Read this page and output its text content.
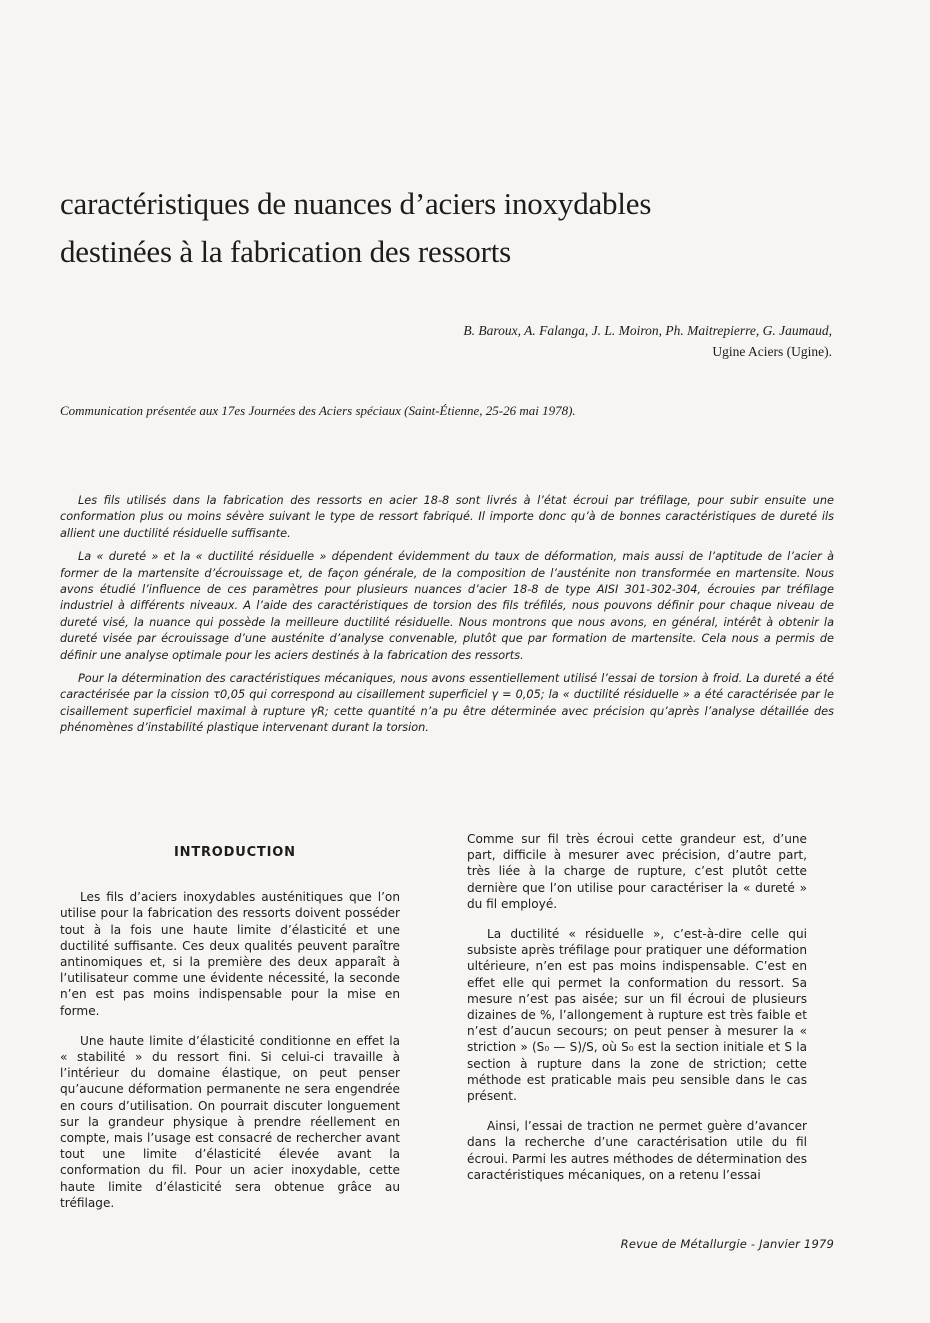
caractéristiques de nuances d’aciers inoxydables
destinées à la fabrication des ressorts
B. Baroux, A. Falanga, J. L. Moiron, Ph. Maitrepierre, G. Jaumaud,
Ugine Aciers (Ugine).
Communication présentée aux 17es Journées des Aciers spéciaux (Saint-Étienne, 25-26 mai 1978).

Les fils utilisés dans la fabrication des ressorts en acier 18-8 sont livrés à l’état écroui par tréfilage, pour subir ensuite une conformation plus ou moins sévère suivant le type de ressort fabriqué. Il importe donc qu’à de bonnes caractéristiques de dureté ils allient une ductilité résiduelle suffisante.

La « dureté » et la « ductilité résiduelle » dépendent évidemment du taux de déformation, mais aussi de l’aptitude de l’acier à former de la martensite d’écrouissage et, de façon générale, de la composition de l’austénite non transformée en martensite. Nous avons étudié l’influence de ces paramètres pour plusieurs nuances d’acier 18-8 de type AISI 301-302-304, écrouies par tréfilage industriel à différents niveaux. A l’aide des caractéristiques de torsion des fils tréfilés, nous pouvons définir pour chaque niveau de dureté visé, la nuance qui possède la meilleure ductilité résiduelle. Nous montrons que nous avons, en général, intérêt à obtenir la dureté visée par écrouissage d’une austénite d’analyse convenable, plutôt que par formation de martensite. Cela nous a permis de définir une analyse optimale pour les aciers destinés à la fabrication des ressorts.

Pour la détermination des caractéristiques mécaniques, nous avons essentiellement utilisé l’essai de torsion à froid. La dureté a été caractérisée par la cission τ0,05 qui correspond au cisaillement superficiel γ = 0,05; la « ductilité résiduelle » a été caractérisée par le cisaillement superficiel maximal à rupture γR; cette quantité n’a pu être déterminée avec précision qu’après l’analyse détaillée des phénomènes d’instabilité plastique intervenant durant la torsion.

INTRODUCTION

Les fils d’aciers inoxydables austénitiques que l’on utilise pour la fabrication des ressorts doivent posséder tout à la fois une haute limite d’élasticité et une ductilité suffisante. Ces deux qualités peuvent paraître antinomiques et, si la première des deux apparaît à l’utilisateur comme une évidente nécessité, la seconde n’en est pas moins indispensable pour la mise en forme.

Une haute limite d’élasticité conditionne en effet la « stabilité » du ressort fini. Si celui-ci travaille à l’intérieur du domaine élastique, on peut penser qu’aucune déformation permanente ne sera engendrée en cours d’utilisation. On pourrait discuter longuement sur la grandeur physique à prendre réellement en compte, mais l’usage est consacré de rechercher avant tout une limite d’élasticité élevée avant la conformation du fil. Pour un acier inoxydable, cette haute limite d’élasticité sera obtenue grâce au tréfilage.

Comme sur fil très écroui cette grandeur est, d’une part, difficile à mesurer avec précision, d’autre part, très liée à la charge de rupture, c’est plutôt cette dernière que l’on utilise pour caractériser la « dureté » du fil employé.

La ductilité « résiduelle », c’est-à-dire celle qui subsiste après tréfilage pour pratiquer une déformation ultérieure, n’en est pas moins indispensable. C’est en effet elle qui permet la conformation du ressort. Sa mesure n’est pas aisée; sur un fil écroui de plusieurs dizaines de %, l’allongement à rupture est très faible et n’est d’aucun secours; on peut penser à mesurer la « striction » (S₀ — S)/S, où S₀ est la section initiale et S la section à rupture dans la zone de striction; cette méthode est praticable mais peu sensible dans le cas présent.

Ainsi, l’essai de traction ne permet guère d’avancer dans la recherche d’une caractérisation utile du fil écroui. Parmi les autres méthodes de détermination des caractéristiques mécaniques, on a retenu l’essai

Revue de Métallurgie - Janvier 1979
